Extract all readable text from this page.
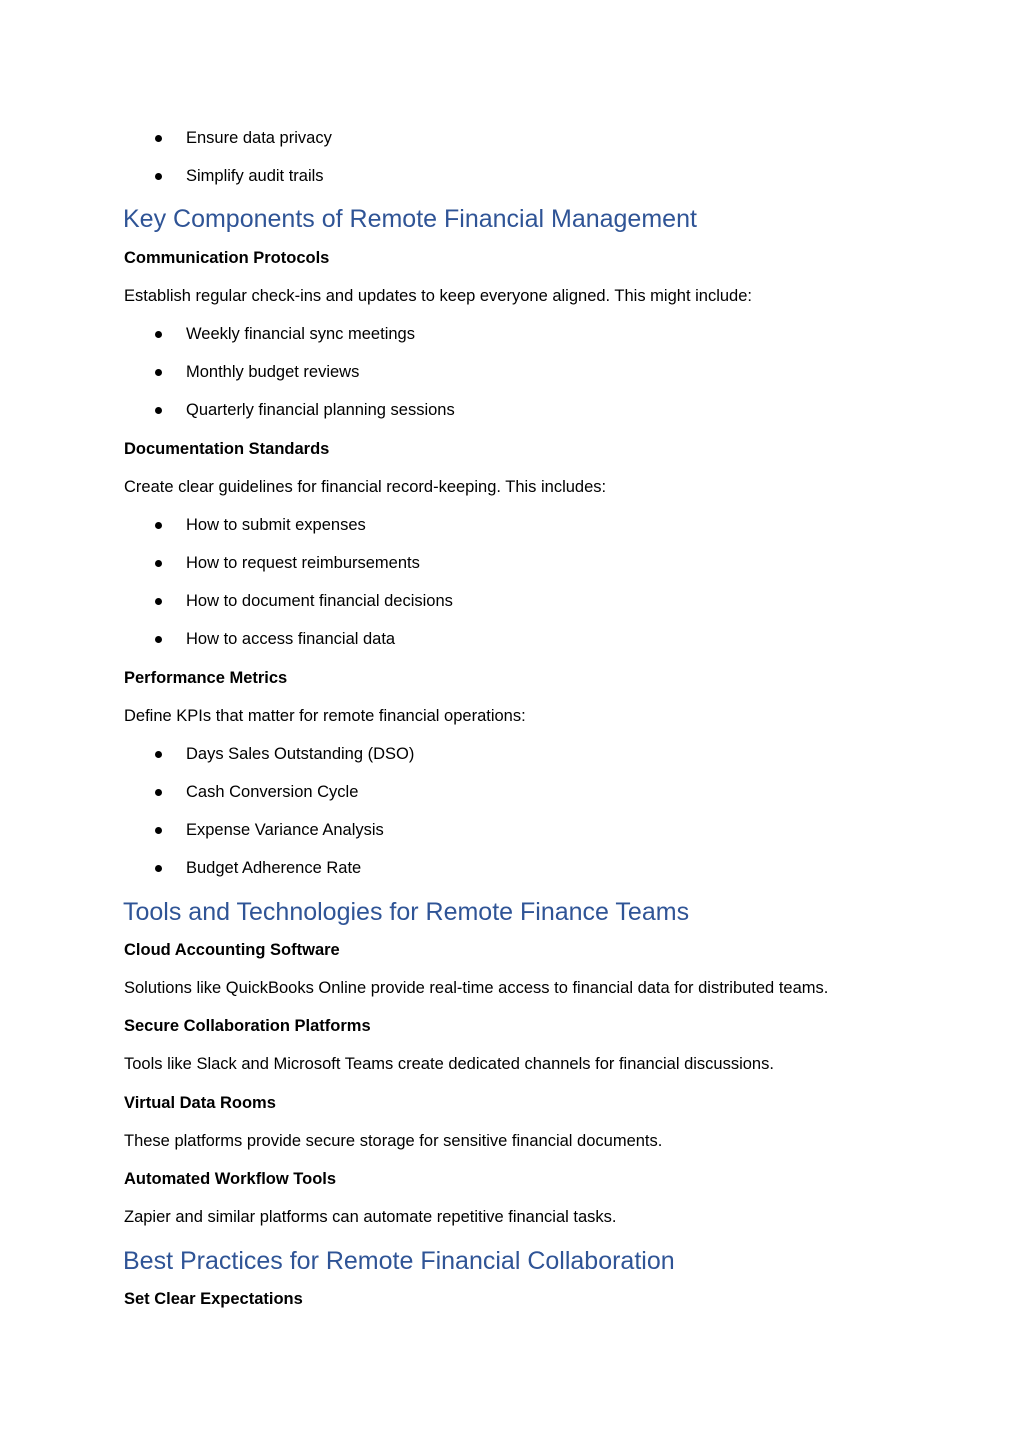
Ensure data privacy
Simplify audit trails
Key Components of Remote Financial Management
Communication Protocols
Establish regular check-ins and updates to keep everyone aligned. This might include:
Weekly financial sync meetings
Monthly budget reviews
Quarterly financial planning sessions
Documentation Standards
Create clear guidelines for financial record-keeping. This includes:
How to submit expenses
How to request reimbursements
How to document financial decisions
How to access financial data
Performance Metrics
Define KPIs that matter for remote financial operations:
Days Sales Outstanding (DSO)
Cash Conversion Cycle
Expense Variance Analysis
Budget Adherence Rate
Tools and Technologies for Remote Finance Teams
Cloud Accounting Software
Solutions like QuickBooks Online provide real-time access to financial data for distributed teams.
Secure Collaboration Platforms
Tools like Slack and Microsoft Teams create dedicated channels for financial discussions.
Virtual Data Rooms
These platforms provide secure storage for sensitive financial documents.
Automated Workflow Tools
Zapier and similar platforms can automate repetitive financial tasks.
Best Practices for Remote Financial Collaboration
Set Clear Expectations
